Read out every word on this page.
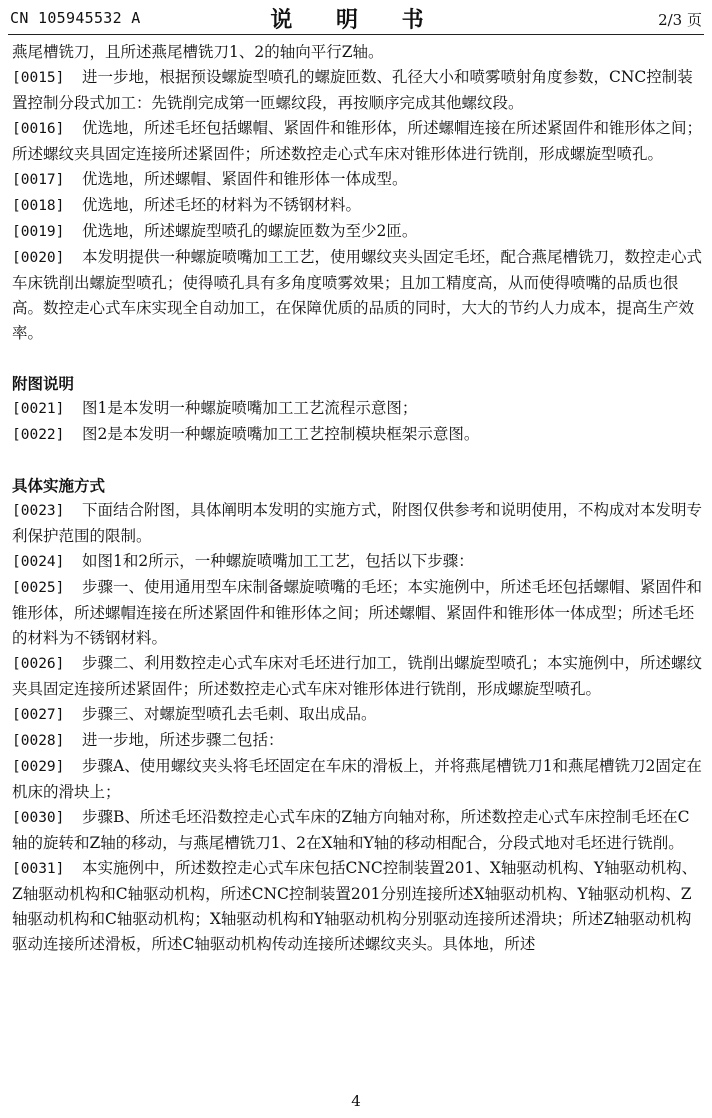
CN 105945532 A	说 明 书	2/3 页

燕尾槽铣刀，且所述燕尾槽铣刀1、2的轴向平行Z轴。

[0015] 进一步地，根据预设螺旋型喷孔的螺旋匝数、孔径大小和喷雾喷射角度参数，CNC控制装置控制分段式加工：先铣削完成第一匝螺纹段，再按顺序完成其他螺纹段。

[0016] 优选地，所述毛坯包括螺帽、紧固件和锥形体，所述螺帽连接在所述紧固件和锥形体之间；所述螺纹夹具固定连接所述紧固件；所述数控走心式车床对锥形体进行铣削，形成螺旋型喷孔。

[0017] 优选地，所述螺帽、紧固件和锥形体一体成型。

[0018] 优选地，所述毛坯的材料为不锈钢材料。

[0019] 优选地，所述螺旋型喷孔的螺旋匝数为至少2匝。

[0020] 本发明提供一种螺旋喷嘴加工工艺，使用螺纹夹头固定毛坯，配合燕尾槽铣刀，数控走心式车床铣削出螺旋型喷孔；使得喷孔具有多角度喷雾效果；且加工精度高，从而使得喷嘴的品质也很高。数控走心式车床实现全自动加工，在保障优质的品质的同时，大大的节约人力成本，提高生产效率。

附图说明

[0021] 图1是本发明一种螺旋喷嘴加工工艺流程示意图；

[0022] 图2是本发明一种螺旋喷嘴加工工艺控制模块框架示意图。

具体实施方式

[0023] 下面结合附图，具体阐明本发明的实施方式，附图仅供参考和说明使用，不构成对本发明专利保护范围的限制。

[0024] 如图1和2所示，一种螺旋喷嘴加工工艺，包括以下步骤：

[0025] 步骤一、使用通用型车床制备螺旋喷嘴的毛坯；本实施例中，所述毛坯包括螺帽、紧固件和锥形体，所述螺帽连接在所述紧固件和锥形体之间；所述螺帽、紧固件和锥形体一体成型；所述毛坯的材料为不锈钢材料。

[0026] 步骤二、利用数控走心式车床对毛坯进行加工，铣削出螺旋型喷孔；本实施例中，所述螺纹夹具固定连接所述紧固件；所述数控走心式车床对锥形体进行铣削，形成螺旋型喷孔。

[0027] 步骤三、对螺旋型喷孔去毛刺、取出成品。

[0028] 进一步地，所述步骤二包括：

[0029] 步骤A、使用螺纹夹头将毛坯固定在车床的滑板上，并将燕尾槽铣刀1和燕尾槽铣刀2固定在机床的滑块上；

[0030] 步骤B、所述毛坯沿数控走心式车床的Z轴方向轴对称，所述数控走心式车床控制毛坯在C轴的旋转和Z轴的移动，与燕尾槽铣刀1、2在X轴和Y轴的移动相配合，分段式地对毛坯进行铣削。

[0031] 本实施例中，所述数控走心式车床包括CNC控制装置201、X轴驱动机构、Y轴驱动机构、Z轴驱动机构和C轴驱动机构，所述CNC控制装置201分别连接所述X轴驱动机构、Y轴驱动机构、Z轴驱动机构和C轴驱动机构；X轴驱动机构和Y轴驱动机构分别驱动连接所述滑块；所述Z轴驱动机构驱动连接所述滑板，所述C轴驱动机构传动连接所述螺纹夹头。具体地，所述

4
